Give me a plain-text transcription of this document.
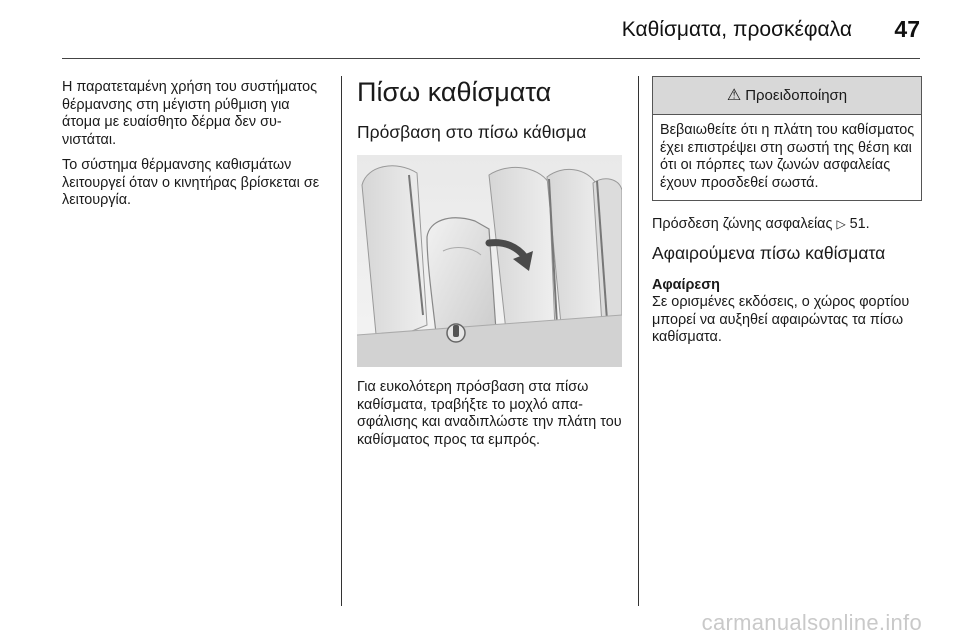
Καθίσματα, προσκέφαλα 47

Η παρατεταμένη χρήση του συστήματος θέρμανσης στη μέγιστη ρύθμιση για άτομα με ευαίσθητο δέρμα δεν συνιστάται.

Το σύστημα θέρμανσης καθισμάτων λειτουργεί όταν ο κινητήρας βρίσκεται σε λειτουργία.

Πίσω καθίσματα
Πρόσβαση στο πίσω κάθισμα

Για ευκολότερη πρόσβαση στα πίσω καθίσματα, τραβήξτε το μοχλό απασφάλισης και αναδιπλώστε την πλάτη του καθίσματος προς τα εμπρός.

⚠ Προειδοποίηση
Βεβαιωθείτε ότι η πλάτη του καθίσματος έχει επιστρέψει στη σωστή της θέση και ότι οι πόρπες των ζωνών ασφαλείας έχουν προσδεθεί σωστά.

Πρόσδεση ζώνης ασφαλείας ▷ 51.

Αφαιρούμενα πίσω καθίσματα
Αφαίρεση

Σε ορισμένες εκδόσεις, ο χώρος φορτίου μπορεί να αυξηθεί αφαιρώντας τα πίσω καθίσματα.

carmanualsonline.info
